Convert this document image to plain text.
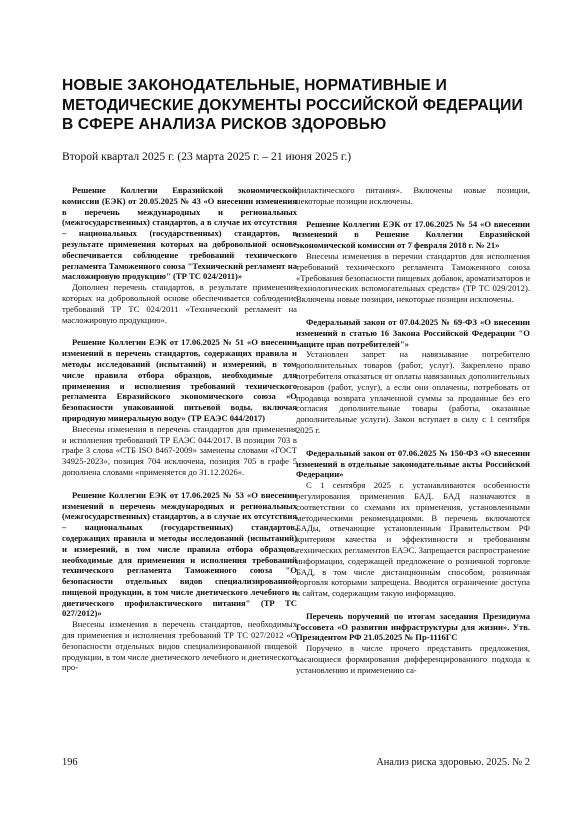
НОВЫЕ ЗАКОНОДАТЕЛЬНЫЕ, НОРМАТИВНЫЕ И МЕТОДИЧЕСКИЕ ДОКУМЕНТЫ РОССИЙСКОЙ ФЕДЕРАЦИИ В СФЕРЕ АНАЛИЗА РИСКОВ ЗДОРОВЬЮ

Второй квартал 2025 г. (23 марта 2025 г. – 21 июня 2025 г.)

Решение Коллегии Евразийской экономической комиссии (ЕЭК) от 20.05.2025 № 43 «О внесении изменения в перечень международных и региональных (межгосударственных) стандартов, а в случае их отсутствия – национальных (государственных) стандартов, в результате применения которых на добровольной основе обеспечивается соблюдение требований технического регламента Таможенного союза "Технический регламент на масложировую продукцию" (ТР ТС 024/2011)»

Дополнен перечень стандартов, в результате применения которых на добровольной основе обеспечивается соблюдение требований ТР ТС 024/2011 «Технический регламент на масложировую продукцию».

Решение Коллегии ЕЭК от 17.06.2025 № 51 «О внесении изменений в перечень стандартов, содержащих правила и методы исследований (испытаний) и измерений, в том числе правила отбора образцов, необходимые для применения и исполнения требований технического регламента Евразийского экономического союза «О безопасности упакованной питьевой воды, включая природную минеральную воду» (ТР ЕАЭС 044/2017)

Внесены изменения в перечень стандартов для применения и исполнения требований ТР ЕАЭС 044/2017. В позиции 703 в графе 3 слова «СТБ ISO 8467-2009» заменены словами «ГОСТ 34925-2023», позиция 704 исключена, позиция 705 в графе 5 дополнена словами «применяется до 31.12.2026».

Решение Коллегии ЕЭК от 17.06.2025 № 53 «О внесении изменений в перечень международных и региональных (межгосударственных) стандартов, а в случае их отсутствия – национальных (государственных) стандартов, содержащих правила и методы исследований (испытаний) и измерений, в том числе правила отбора образцов, необходимые для применения и исполнения требований технического регламента Таможенного союза "О безопасности отдельных видов специализированной пищевой продукции, в том числе диетического лечебного и диетического профилактического питания" (ТР ТС 027/2012)»

Внесены изменения в перечень стандартов, необходимых для применения и исполнения требований ТР ТС 027/2012 «О безопасности отдельных видов специализированной пищевой продукции, в том числе диетического лечебного и диетического про-

филактического питания». Включены новые позиции, некоторые позиции исключены.

Решение Коллегии ЕЭК от 17.06.2025 № 54 «О внесении изменений в Решение Коллегии Евразийской экономической комиссии от 7 февраля 2018 г. № 21»

Внесены изменения в перечни стандартов для исполнения требований технического регламента Таможенного союза «Требования безопасности пищевых добавок, ароматизаторов и технологических вспомогательных средств» (ТР ТС 029/2012). Включены новые позиции, некоторые позиции исключены.

Федеральный закон от 07.04.2025 № 69-ФЗ «О внесении изменений в статью 16 Закона Российской Федерации "О защите прав потребителей"»

Установлен запрет на навязывание потребителю дополнительных товаров (работ, услуг). Закреплено право потребителя отказаться от оплаты навязанных дополнительных товаров (работ, услуг), а если они оплачены, потребовать от продавца возврата уплаченной суммы за проданные без его согласия дополнительные товары (работы, оказанные дополнительные услуги). Закон вступает в силу с 1 сентября 2025 г.

Федеральный закон от 07.06.2025 № 150-ФЗ «О внесении изменений в отдельные законодательные акты Российской Федерации»

С 1 сентября 2025 г. устанавливаются особенности регулирования применения БАД. БАД назначаются в соответствии со схемами их применения, установленными методическими рекомендациями. В перечень включаются БАДы, отвечающие установленным Правительством РФ критериям качества и эффективности и требованиям технических регламентов ЕАЭС. Запрещается распространение информации, содержащей предложение о розничной торговле БАД, в том числе дистанционным способом, розничная торговля которыми запрещена. Вводится ограничение доступа к сайтам, содержащим такую информацию.

Перечень поручений по итогам заседания Президиума Госсовета «О развитии инфраструктуры для жизни». Утв. Президентом РФ 21.05.2025 № Пр-1116ГС

Поручено в числе прочего представить предложения, касающиеся формирования дифференцированного подхода к установлению и применению са-

196	Анализ риска здоровью. 2025. № 2
